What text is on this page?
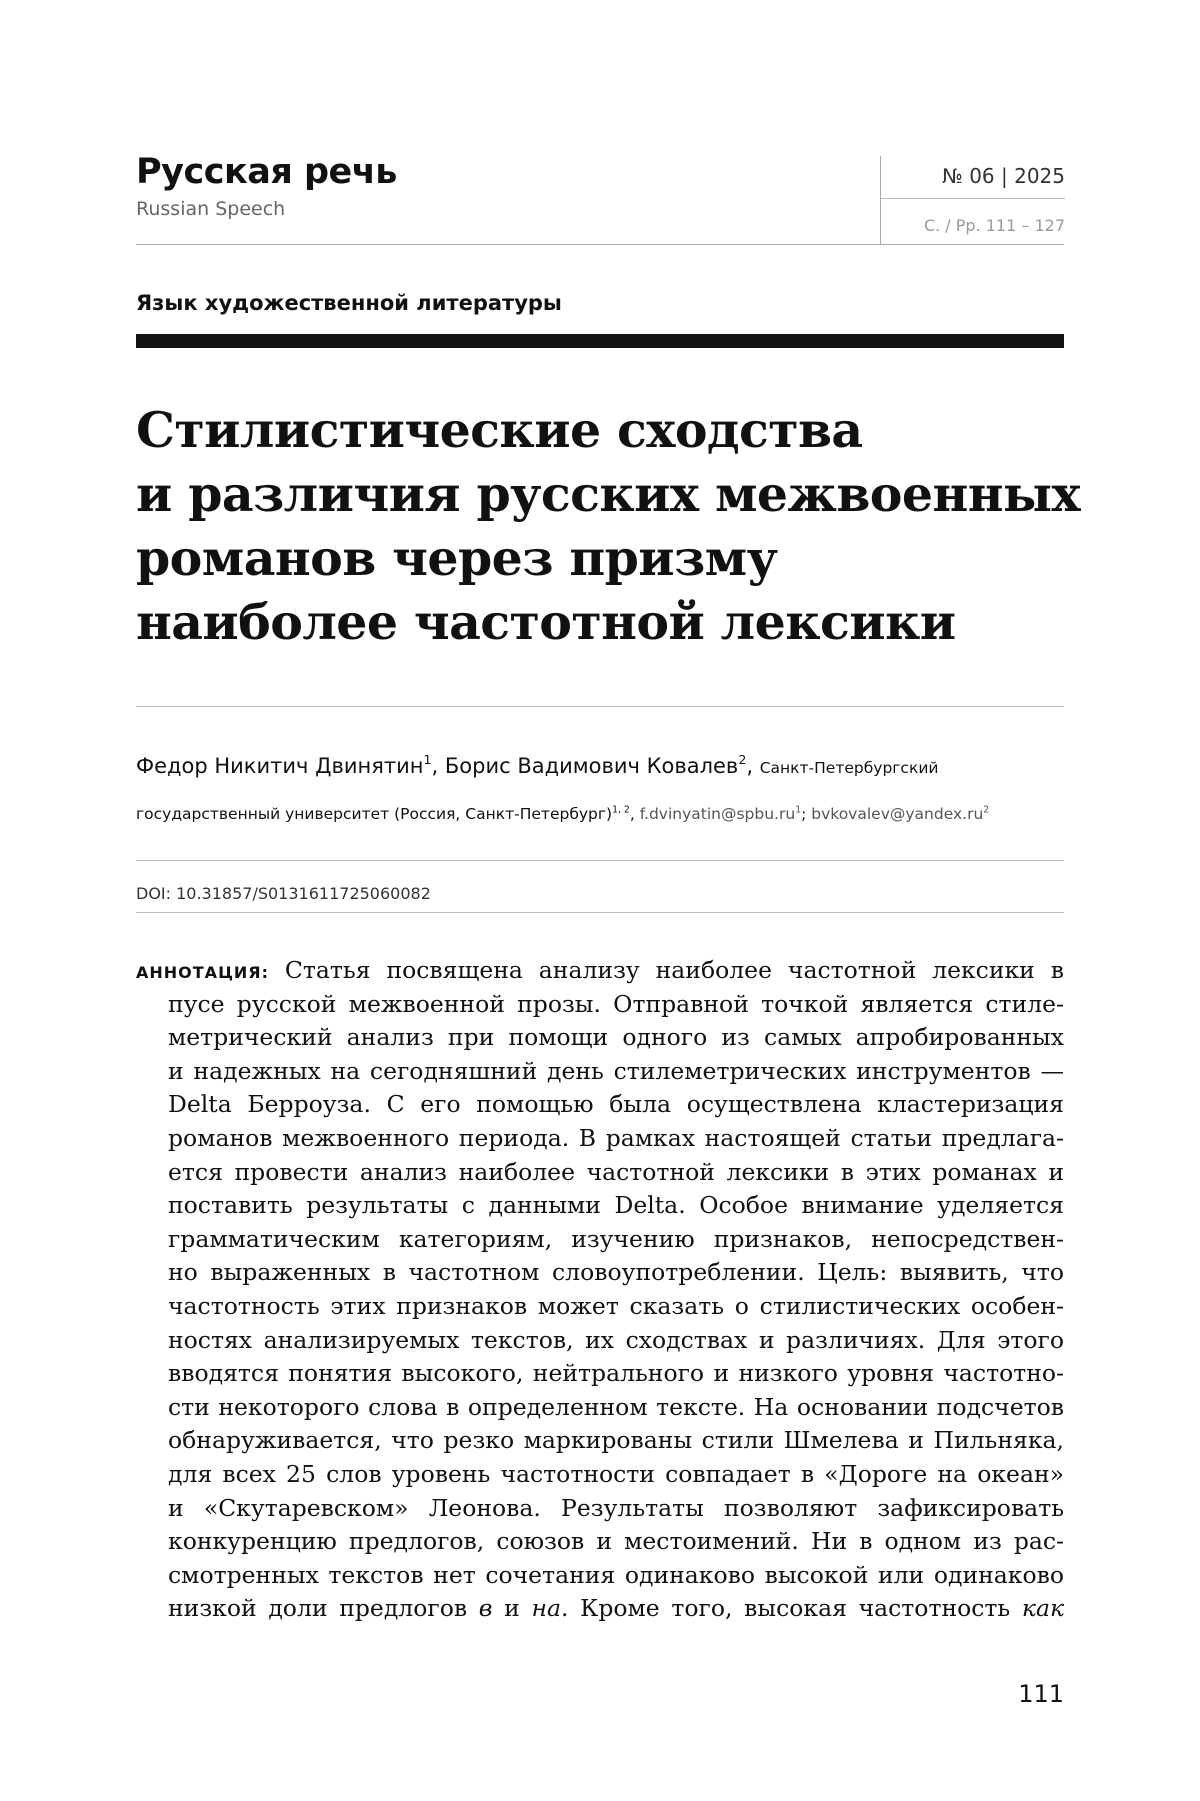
Русская речь
Russian Speech
№ 06 | 2025
С. / Pp. 111 – 127
Язык художественной литературы
Стилистические сходства
и различия русских межвоенных
романов через призму
наиболее частотной лексики

Федор Никитич Двинятин$^1$, Борис Вадимович Ковалев$^2$, Санкт-Петербургский
государственный университет (Россия, Санкт-Петербург)$^{1, 2}$, $f.dvinyatin@spbu.ru^1$; $bvkovalev@yandex.ru^2$

DOI: 10.31857/S0131611725060082
АННОТАЦИЯ: Статья посвящена анализу наиболее частотной лексики в
пусе русской межвоенной прозы. Отправной точкой является стиле-
метрический анализ при помощи одного из самых апробированных
и надежных на сегодняшний день стилеметрических инструментов —
Delta Берроуза. С его помощью была осуществлена кластеризация
романов межвоенного периода. В рамках настоящей статьи предлага-
ется провести анализ наиболее частотной лексики в этих романах и
поставить результаты с данными Delta. Особое внимание уделяется
грамматическим категориям, изучению признаков, непосредствен-
но выраженных в частотном словоупотреблении. Цель: выявить, что
частотность этих признаков может сказать о стилистических особен-
ностях анализируемых текстов, их сходствах и различиях. Для этого
вводятся понятия высокого, нейтрального и низкого уровня частотно-
сти некоторого слова в определенном тексте. На основании подсчетов
обнаруживается, что резко маркированы стили Шмелева и Пильняка,
для всех 25 слов уровень частотности совпадает в «Дороге на океан»
и «Скутаревском» Леонова. Результаты позволяют зафиксировать
конкуренцию предлогов, союзов и местоимений. Ни в одном из рас-
смотренных текстов нет сочетания одинаково высокой или одинаково
низкой доли предлогов в и на. Кроме того, высокая частотность как
111
